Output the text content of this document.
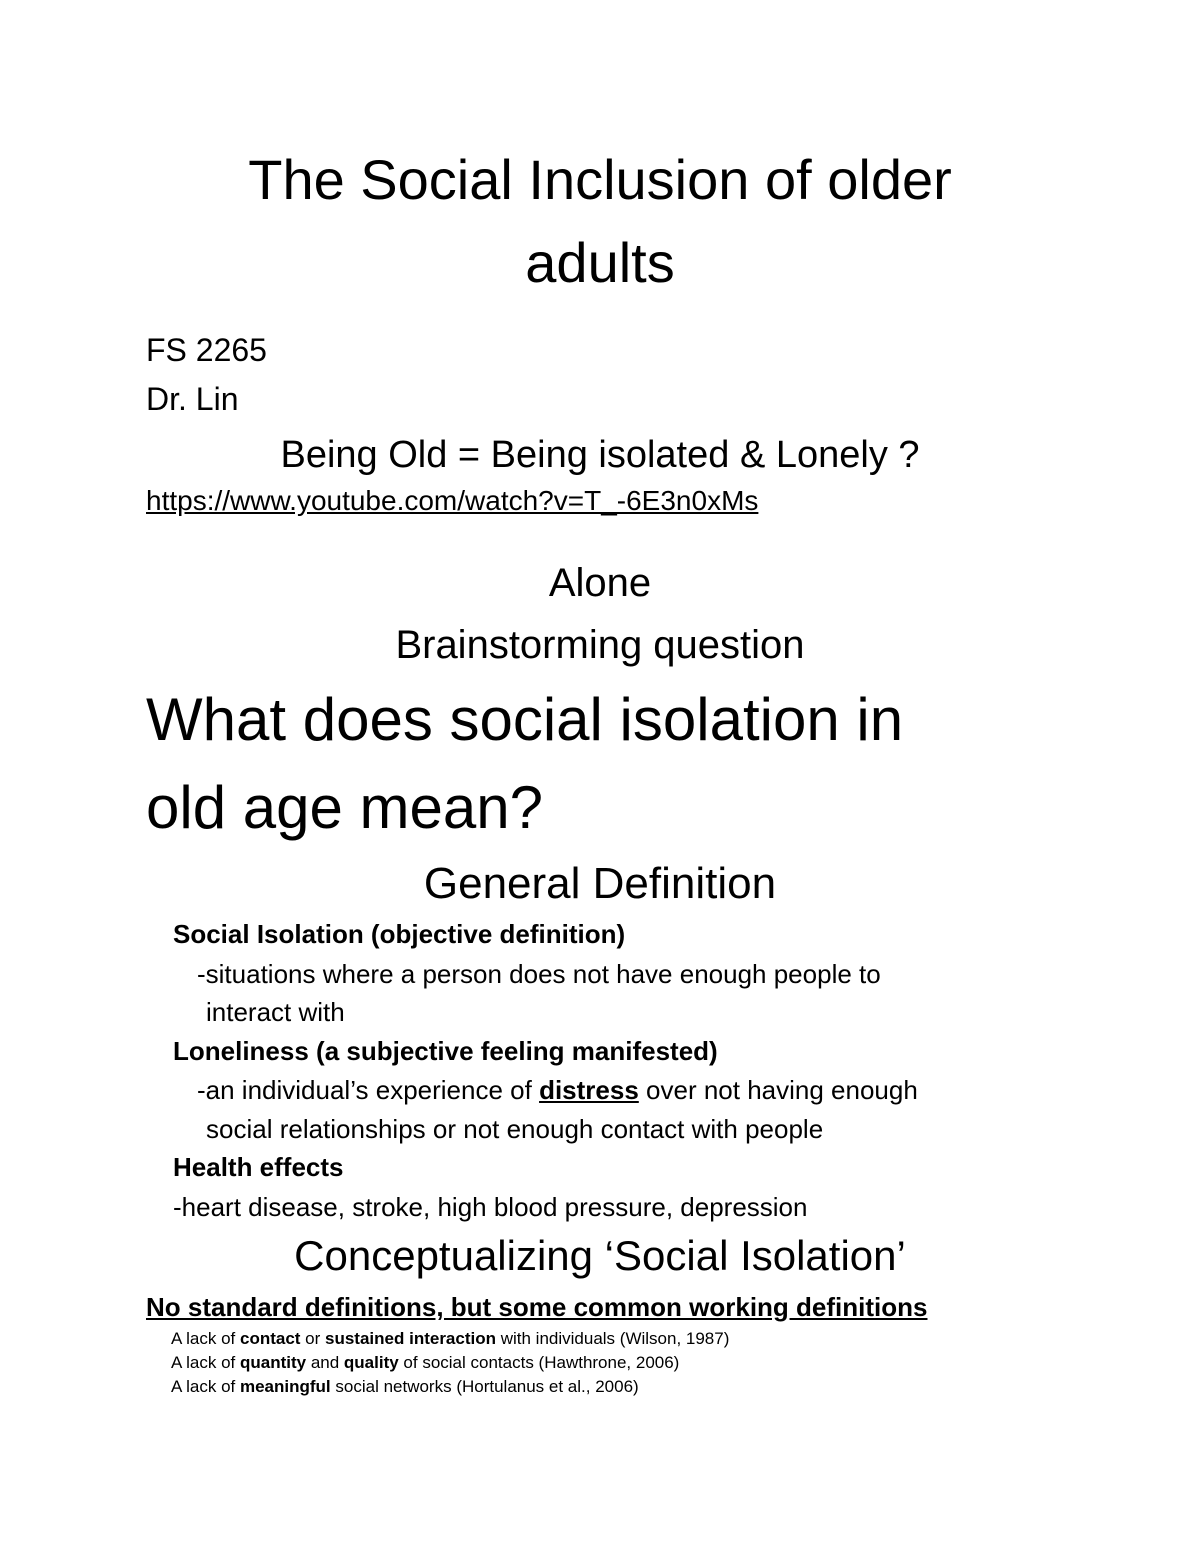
The Social Inclusion of older
adults
FS 2265
Dr. Lin
Being Old = Being isolated & Lonely ?
https://www.youtube.com/watch?v=T_-6E3n0xMs
Alone
Brainstorming question
What does social isolation in
old age mean?
General Definition
Social Isolation (objective definition)
-situations where a person does not have enough people to
interact with
Loneliness (a subjective feeling manifested)
-an individual’s experience of distress over not having enough
social relationships or not enough contact with people
Health effects
-heart disease, stroke, high blood pressure, depression
Conceptualizing ‘Social Isolation’
No standard definitions, but some common working definitions
A lack of contact or sustained interaction with individuals (Wilson, 1987)
A lack of quantity and quality of social contacts (Hawthrone, 2006)
A lack of meaningful social networks (Hortulanus et al., 2006)
